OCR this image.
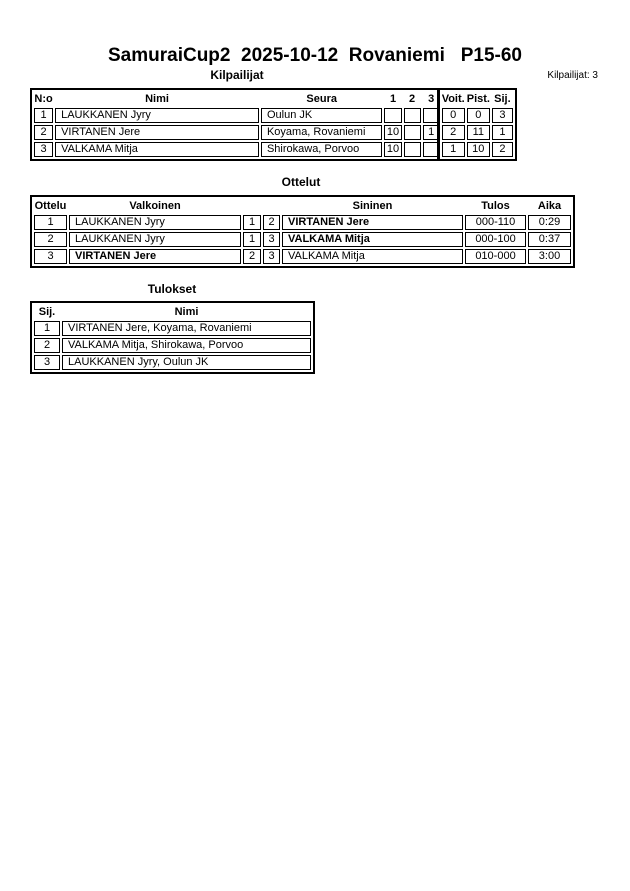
SamuraiCup2  2025-10-12  Rovaniemi   P15-60
Kilpailijat	Kilpailijat: 3
N:o	Nimi	Seura	1	2	3	Voit.	Pist.	Sij.
1	LAUKKANEN Jyry	Oulun JK				0	0	3
2	VIRTANEN Jere	Koyama, Rovaniemi	10		1	2	11	1
3	VALKAMA Mitja	Shirokawa, Porvoo	10			1	10	2
Ottelut
Ottelu	Valkoinen			Sininen	Tulos	Aika
1	LAUKKANEN Jyry	1	2	VIRTANEN Jere	000-110	0:29
2	LAUKKANEN Jyry	1	3	VALKAMA Mitja	000-100	0:37
3	VIRTANEN Jere	2	3	VALKAMA Mitja	010-000	3:00
Tulokset
Sij.	Nimi
1	VIRTANEN Jere, Koyama, Rovaniemi
2	VALKAMA Mitja, Shirokawa, Porvoo
3	LAUKKANEN Jyry, Oulun JK
